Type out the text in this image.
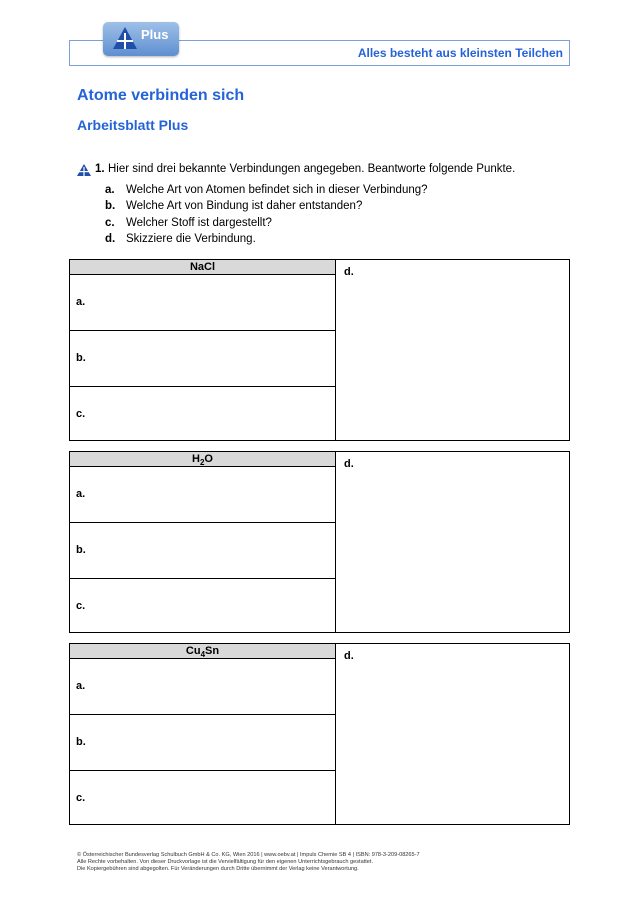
Alles besteht aus kleinsten Teilchen
Plus
Atome verbinden sich
Arbeitsblatt Plus
1. Hier sind drei bekannte Verbindungen angegeben. Beantworte folgende Punkte.
a. Welche Art von Atomen befindet sich in dieser Verbindung?
b. Welche Art von Bindung ist daher entstanden?
c. Welcher Stoff ist dargestellt?
d. Skizziere die Verbindung.
NaCl
a.
b.
c.
d.
$H_2O$
a.
b.
c.
d.
$Cu_4Sn$
a.
b.
c.
d.
© Österreichischer Bundesverlag Schulbuch GmbH & Co. KG, Wien 2016 | www.oebv.at | Impuls Chemie SB 4 | ISBN: 978-3-209-08265-7
Alle Rechte vorbehalten. Von dieser Druckvorlage ist die Vervielfältigung für den eigenen Unterrichtsgebrauch gestattet.
Die Kopiergebühren sind abgegolten. Für Veränderungen durch Dritte übernimmt der Verlag keine Verantwortung.
